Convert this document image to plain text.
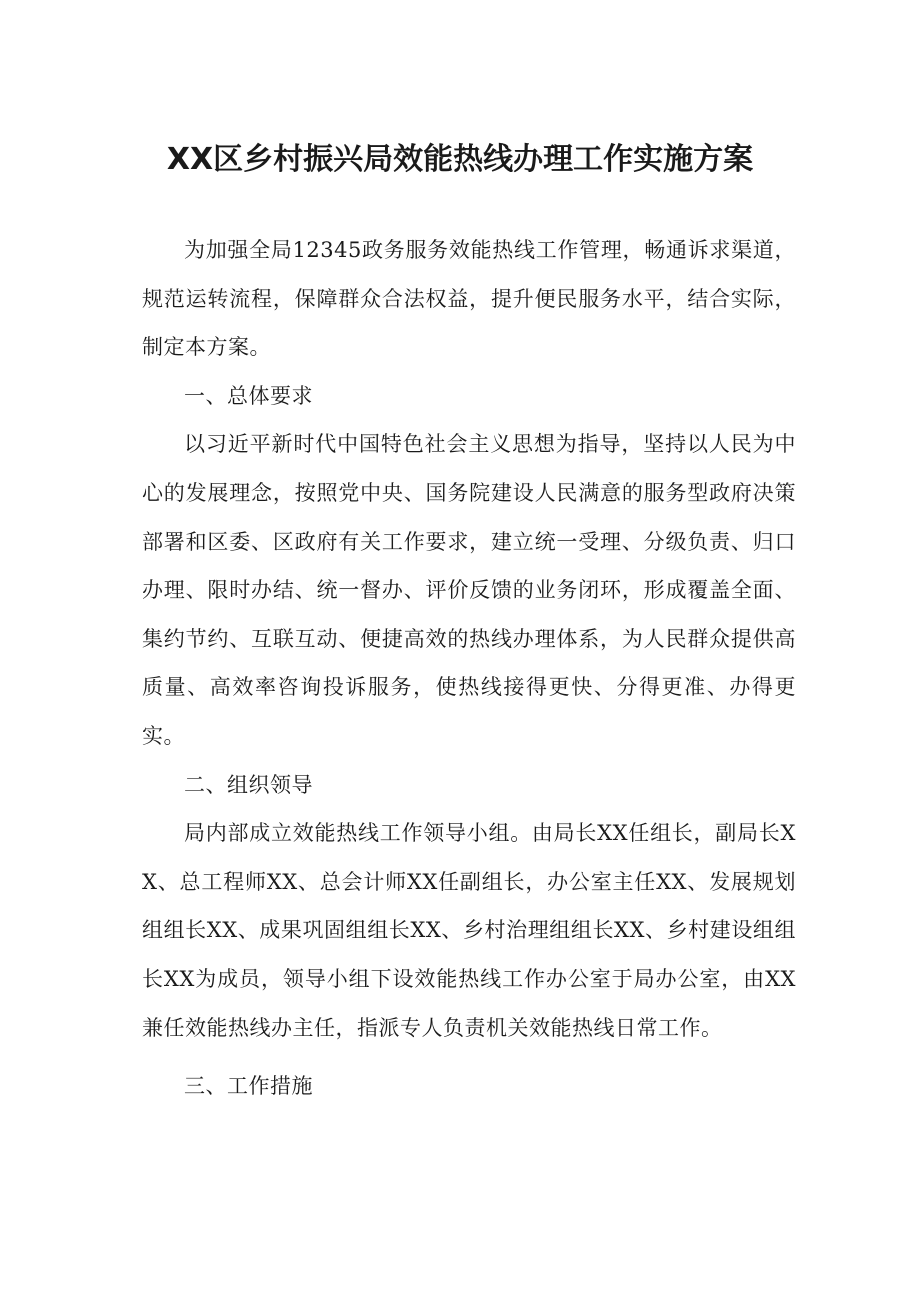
XX区乡村振兴局效能热线办理工作实施方案

为加强全局12345政务服务效能热线工作管理，畅通诉求渠道，规范运转流程，保障群众合法权益，提升便民服务水平，结合实际，制定本方案。

一、总体要求

以习近平新时代中国特色社会主义思想为指导，坚持以人民为中心的发展理念，按照党中央、国务院建设人民满意的服务型政府决策部署和区委、区政府有关工作要求，建立统一受理、分级负责、归口办理、限时办结、统一督办、评价反馈的业务闭环，形成覆盖全面、集约节约、互联互动、便捷高效的热线办理体系，为人民群众提供高质量、高效率咨询投诉服务，使热线接得更快、分得更准、办得更实。

二、组织领导

局内部成立效能热线工作领导小组。由局长XX任组长，副局长XX、总工程师XX、总会计师XX任副组长，办公室主任XX、发展规划组组长XX、成果巩固组组长XX、乡村治理组组长XX、乡村建设组组长XX为成员，领导小组下设效能热线工作办公室于局办公室，由XX兼任效能热线办主任，指派专人负责机关效能热线日常工作。

三、工作措施
